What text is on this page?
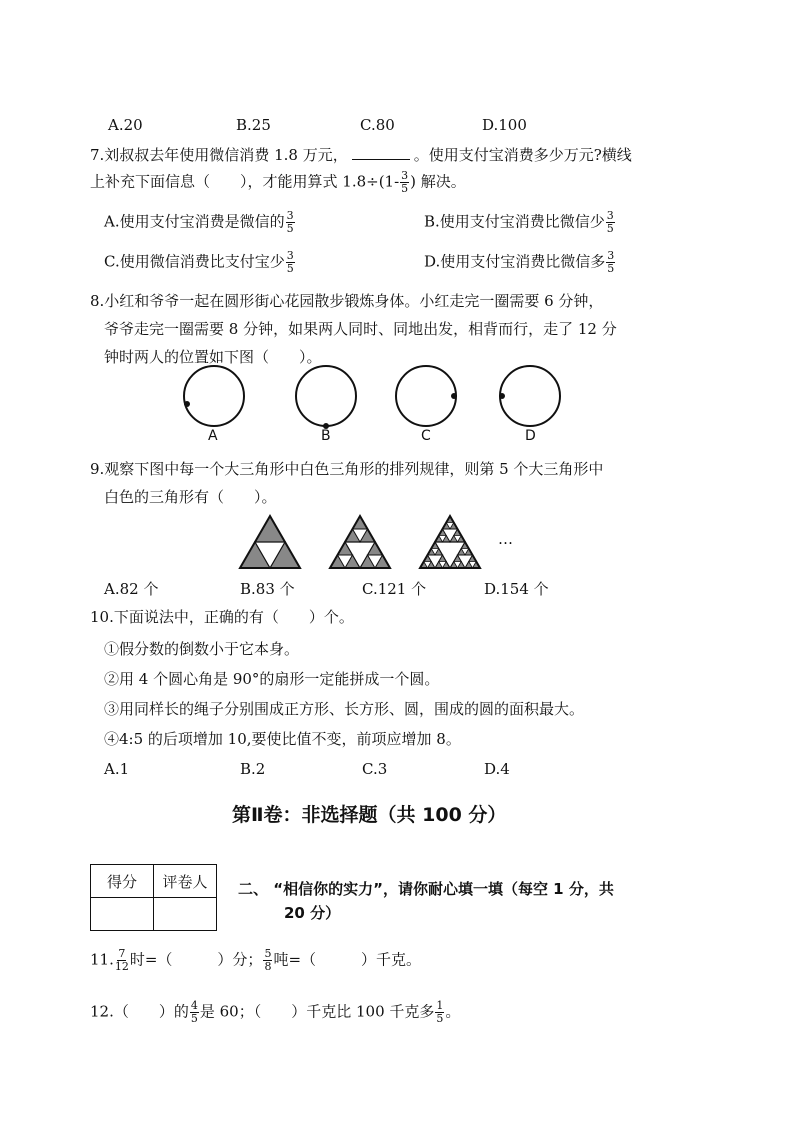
A.20	B.25	C.80	D.100
7.刘叔叔去年使用微信消费 1.8 万元，	。使用支付宝消费多少万元?横线
上补充下面信息（　　），才能用算式 $1.8\div(1- \frac{3}{5}$ ) 解决。
A.使用支付宝消费是微信的 $\frac{3}{5}$	B.使用支付宝消费比微信少 $\frac{3}{5}$
C.使用微信消费比支付宝少 $\frac{3}{5}$	D.使用支付宝消费比微信多 $\frac{3}{5}$
8.小红和爷爷一起在圆形街心花园散步锻炼身体。小红走完一圈需要 6 分钟，
爷爷走完一圈需要 8 分钟，如果两人同时、同地出发，相背而行，走了 12 分
钟时两人的位置如下图（　　）。
A	B	C	D
9.观察下图中每一个大三角形中白色三角形的排列规律，则第 5 个大三角形中
白色的三角形有（　　）。
…
A.82 个	B.83 个	C.121 个	D.154 个
10.下面说法中，正确的有（　　）个。
①假分数的倒数小于它本身。
②用 4 个圆心角是 90°的扇形一定能拼成一个圆。
③用同样长的绳子分别围成正方形、长方形、圆，围成的圆的面积最大。
④4:5 的后项增加 10,要使比值不变，前项应增加 8。
A.1	B.2	C.3	D.4
第Ⅱ卷：非选择题（共 100 分）
得分	评卷人
	二、 “相信你的实力”，请你耐心填一填（每空 1 分，共
20 分）
11. $\frac{7}{12}$ 时=（　　　）分； $\frac{5}{8}$ 吨=（　　　）千克。
12.（　　）的 $\frac{4}{5}$ 是 60；（　　）千克比 100 千克多 $\frac{1}{5}$ 。
